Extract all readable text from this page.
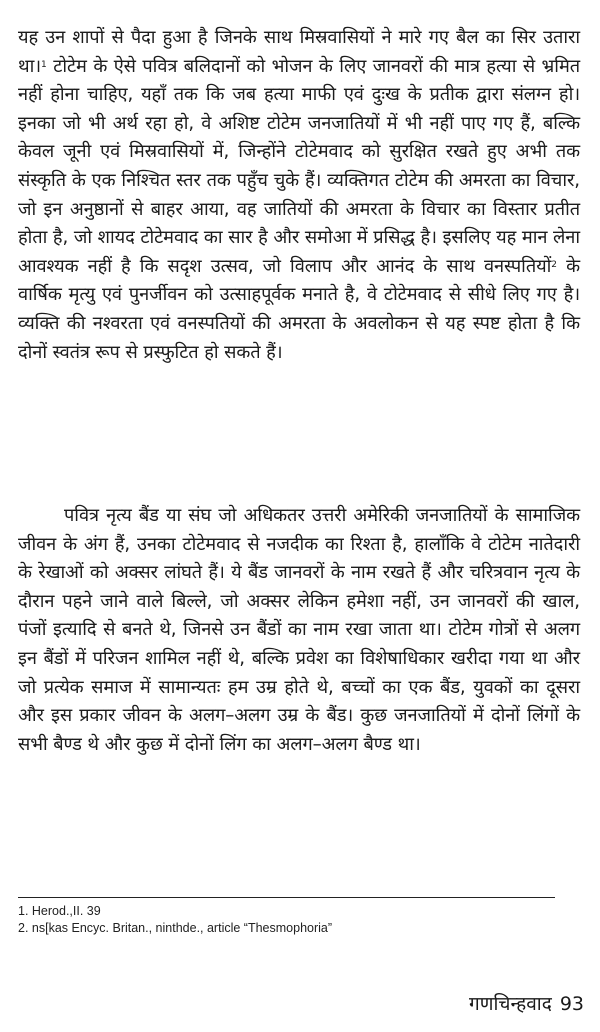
यह उन शापों से पैदा हुआ है जिनके साथ मिस्रवासियों ने मारे गए बैल का सिर उतारा था।$^1$ टोटेम के ऐसे पवित्र बलिदानों को भोजन के लिए जानवरों की मात्र हत्या से भ्रमित नहीं होना चाहिए, यहाँ तक कि जब हत्या माफी एवं दुःख के प्रतीक द्वारा संलग्न हो। इनका जो भी अर्थ रहा हो, वे अशिष्ट टोटेम जनजातियों में भी नहीं पाए गए हैं, बल्कि केवल जूनी एवं मिस्रवासियों में, जिन्होंने टोटेमवाद को सुरक्षित रखते हुए अभी तक संस्कृति के एक निश्चित स्तर तक पहुँच चुके हैं। व्यक्तिगत टोटेम की अमरता का विचार, जो इन अनुष्ठानों से बाहर आया, वह जातियों की अमरता के विचार का विस्तार प्रतीत होता है, जो शायद टोटेमवाद का सार है और समोआ में प्रसिद्ध है। इसलिए यह मान लेना आवश्यक नहीं है कि सदृश उत्सव, जो विलाप और आनंद के साथ वनस्पतियों$^2$ के वार्षिक मृत्यु एवं पुनर्जीवन को उत्साहपूर्वक मनाते है, वे टोटेमवाद से सीधे लिए गए है। व्यक्ति की नश्वरता एवं वनस्पतियों की अमरता के अवलोकन से यह स्पष्ट होता है कि दोनों स्वतंत्र रूप से प्रस्फुटित हो सकते हैं।

पवित्र नृत्य बैंड या संघ जो अधिकतर उत्तरी अमेरिकी जनजातियों के सामाजिक जीवन के अंग हैं, उनका टोटेमवाद से नजदीक का रिश्ता है, हालाँकि वे टोटेम नातेदारी के रेखाओं को अक्सर लांघते हैं। ये बैंड जानवरों के नाम रखते हैं और चरित्रवान नृत्य के दौरान पहने जाने वाले बिल्ले, जो अक्सर लेकिन हमेशा नहीं, उन जानवरों की खाल, पंजों इत्यादि से बनते थे, जिनसे उन बैंडों का नाम रखा जाता था। टोटेम गोत्रों से अलग इन बैंडों में परिजन शामिल नहीं थे, बल्कि प्रवेश का विशेषाधिकार खरीदा गया था और जो प्रत्येक समाज में सामान्यतः हम उम्र होते थे, बच्चों का एक बैंड, युवकों का दूसरा और इस प्रकार जीवन के अलग–अलग उम्र के बैंड। कुछ जनजातियों में दोनों लिंगों के सभी बैण्ड थे और कुछ में दोनों लिंग का अलग–अलग बैण्ड था।

1. Herod.,II. 39
2. ns[kas Encyc. Britan., ninthde., article “Thesmophoria”
गणचिन्हवाद 93
